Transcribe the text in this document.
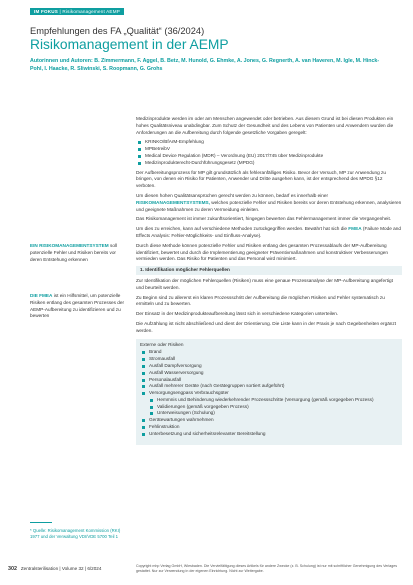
IM FOKUS | Risikomanagement AEMP
Empfehlungen des FA „Qualität“ (36/2024)
Risikomanagement in der AEMP
Autorinnen und Autoren: B. Zimmermann, F. Aggel, B. Betz, M. Hunold, G. Ehmke, A. Jones, G. Regnerth, A. van Haveren, M. Igle, M. Hinck-Pohl, I. Haacke, R. Sliwinski, S. Roopmann, G. Grohs
EIN RISIKOMANAGEMENTSYSTEM soll potenzielle Fehler und Risiken bereits vor deren Entstehung erkennen
DIE FMEA ist ein Hilfsmittel, um potenzielle Risiken entlang des gesamten Prozesses der AEMP-Aufbereitung zu identifizieren und zu bewerten

Medizinprodukte werden im oder am Menschen angewendet oder betrieben. Aus diesem Grund ist bei diesen Produkten ein hohes Qualitätsniveau unabdingbar. Zum Schutz der Gesundheit und des Lebens von Patienten und Anwendern wurden die Anforderungen an die Aufbereitung durch folgende gesetzliche Vorgaben geregelt:

KRINKO/BfArM-Empfehlung
MPBetreibV
Medical Device Regulation (MDR) – Verordnung (EU) 2017/745 über Medizinprodukte
Medizinprodukterecht-Durchführungsgesetz (MPDG)

Der Aufbereitungsprozess für MP gilt grundsätzlich als fehleranfälliges Risiko. Bevor der Versuch, MP zur Anwendung zu bringen, von denen ein Risiko für Patienten, Anwender und Dritte ausgehen kann, ist der entsprechend des MPDG §12 verboten.

Um diesen hohen Qualitätsansprüchen gerecht werden zu können, bedarf es innerhalb einer RISIKOMANAGEMENTSYSTEMS, welches potenzielle Fehler und Risiken bereits vor deren Entstehung erkennen, analysieren und geeignete Maßnahmen zu deren Vermeidung einleiten.

Das Risikomanagement ist immer zukunftsorientiert, hingegen bewerten das Fehlermanagement immer die Vergangenheit.

Um dies zu erreichen, kann auf verschiedene Methoden zurückgegriffen werden. Bewährt hat sich die FMEA (Failure Mode and Effects Analysis: Fehler-Möglichkeits- und Einfluss-Analyse).

Durch diese Methode können potenzielle Fehler und Risiken entlang des gesamten Prozessablaufs der MP-Aufbereitung identifiziert, bewertet und durch die Implementierung geeigneter Präventivmaßnahmen und konstruktiver Verbesserungen vermieden werden. Das Risiko für Patienten und das Personal wird minimiert.

1. Identifikation möglicher Fehlerquellen

Zur Identifikation der möglichen Fehlerquellen (Risiken) muss eine genaue Prozessanalyse der MP-Aufbereitung angefertigt und beurteilt werden.

Zu Beginn sind zu allererst ein klaren Prozessschritt der Aufbereitung die möglichen Risiken und Fehler systematisch zu ermitteln und zu bewerten.

Der Einsatz in der Medizinprodukteaufbereitung lässt sich in verschiedene Kategorien unterteilen.

Die Aufzählung ist nicht abschließend und dient der Orientierung. Die Liste kann in der Praxis je nach Gegebenheiten ergänzt werden.

Externe oder Risiken
Brand
Stromausfall
Ausfall Dampfversorgung
Ausfall Wasserversorgung
Personalausfall
Ausfall mehrerer Geräte (nach Gerätegruppen sortiert aufgeführt)
Versorgungsengpass Verbrauchsgüter
Hemmnis und Behinderung wiederkehrender Prozessschritte (Versorgung (gemäß vorgegeben Prozess)
Validierungen (gemäß vorgegeben Prozess)
Unterweisungen (Schulung)
Gerätewartungen wahrnehmen
Fehlinstruktion
Unterbesetzung und sicherheitsrelevanter Bereitstellung
* Quelle: Risikomanagement Kommission (RKI) 1977 und der Verwaltung VDI/VDE 5700 Teil 1
302 Zentralsterilisation | Volume 32 | 6/2024	Copyright mhp Verlag GmbH, Wiesbaden. Die Vervielfältigung dieses Artikels für andere Zwecke (z. B. Schulung) ist nur mit schriftlicher Genehmigung des Verlages gestattet. Nur zur Verwendung in der eigenen Einrichtung. Nicht zur Weitergabe.
